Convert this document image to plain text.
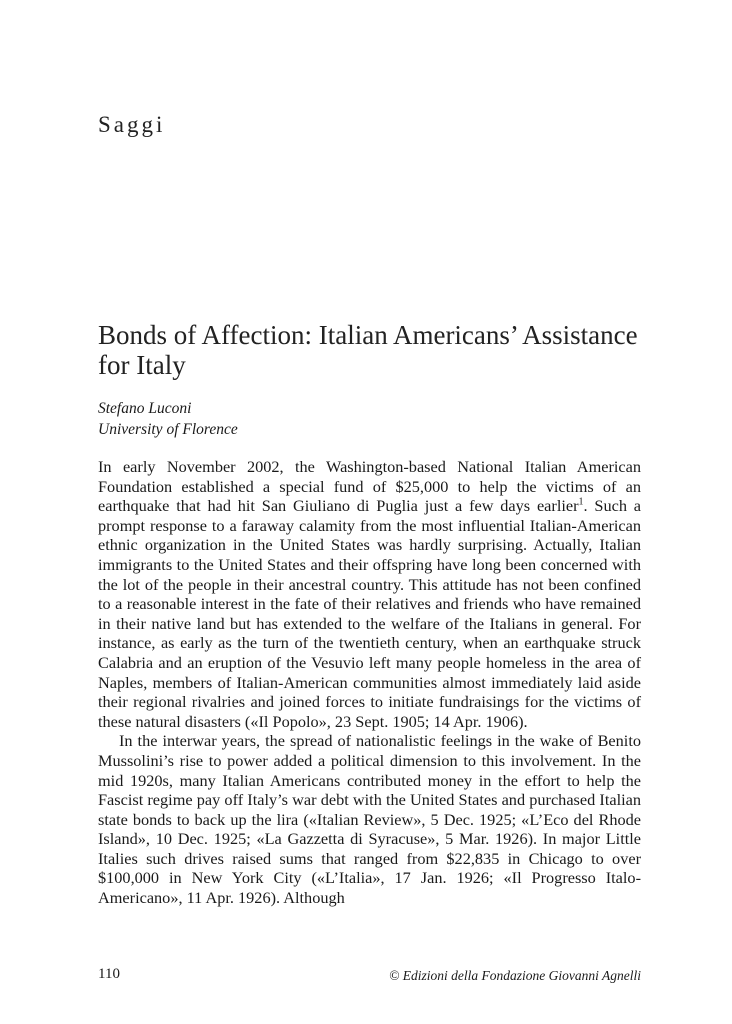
Saggi
Bonds of Affection: Italian Americans’ Assistance for Italy
Stefano Luconi
University of Florence

In early November 2002, the Washington-based National Italian American Foundation established a special fund of $25,000 to help the victims of an earthquake that had hit San Giuliano di Puglia just a few days earlier$^1$. Such a prompt response to a faraway calamity from the most influential Italian-American ethnic organization in the United States was hardly surprising. Actually, Italian immigrants to the United States and their offspring have long been concerned with the lot of the people in their ancestral country. This attitude has not been confined to a reasonable interest in the fate of their relatives and friends who have remained in their native land but has extended to the welfare of the Italians in general. For instance, as early as the turn of the twentieth century, when an earthquake struck Calabria and an eruption of the Vesuvio left many people homeless in the area of Naples, members of Italian-American communities almost immediately laid aside their regional rivalries and joined forces to initiate fundraisings for the victims of these natural disasters («Il Popolo», 23 Sept. 1905; 14 Apr. 1906).

In the interwar years, the spread of nationalistic feelings in the wake of Benito Mussolini’s rise to power added a political dimension to this involvement. In the mid 1920s, many Italian Americans contributed money in the effort to help the Fascist regime pay off Italy’s war debt with the United States and purchased Italian state bonds to back up the lira («Italian Review», 5 Dec. 1925; «L’Eco del Rhode Island», 10 Dec. 1925; «La Gazzetta di Syracuse», 5 Mar. 1926). In major Little Italies such drives raised sums that ranged from $22,835 in Chicago to over $100,000 in New York City («L’Italia», 17 Jan. 1926; «Il Progresso Italo-Americano», 11 Apr. 1926). Although

110	© Edizioni della Fondazione Giovanni Agnelli
